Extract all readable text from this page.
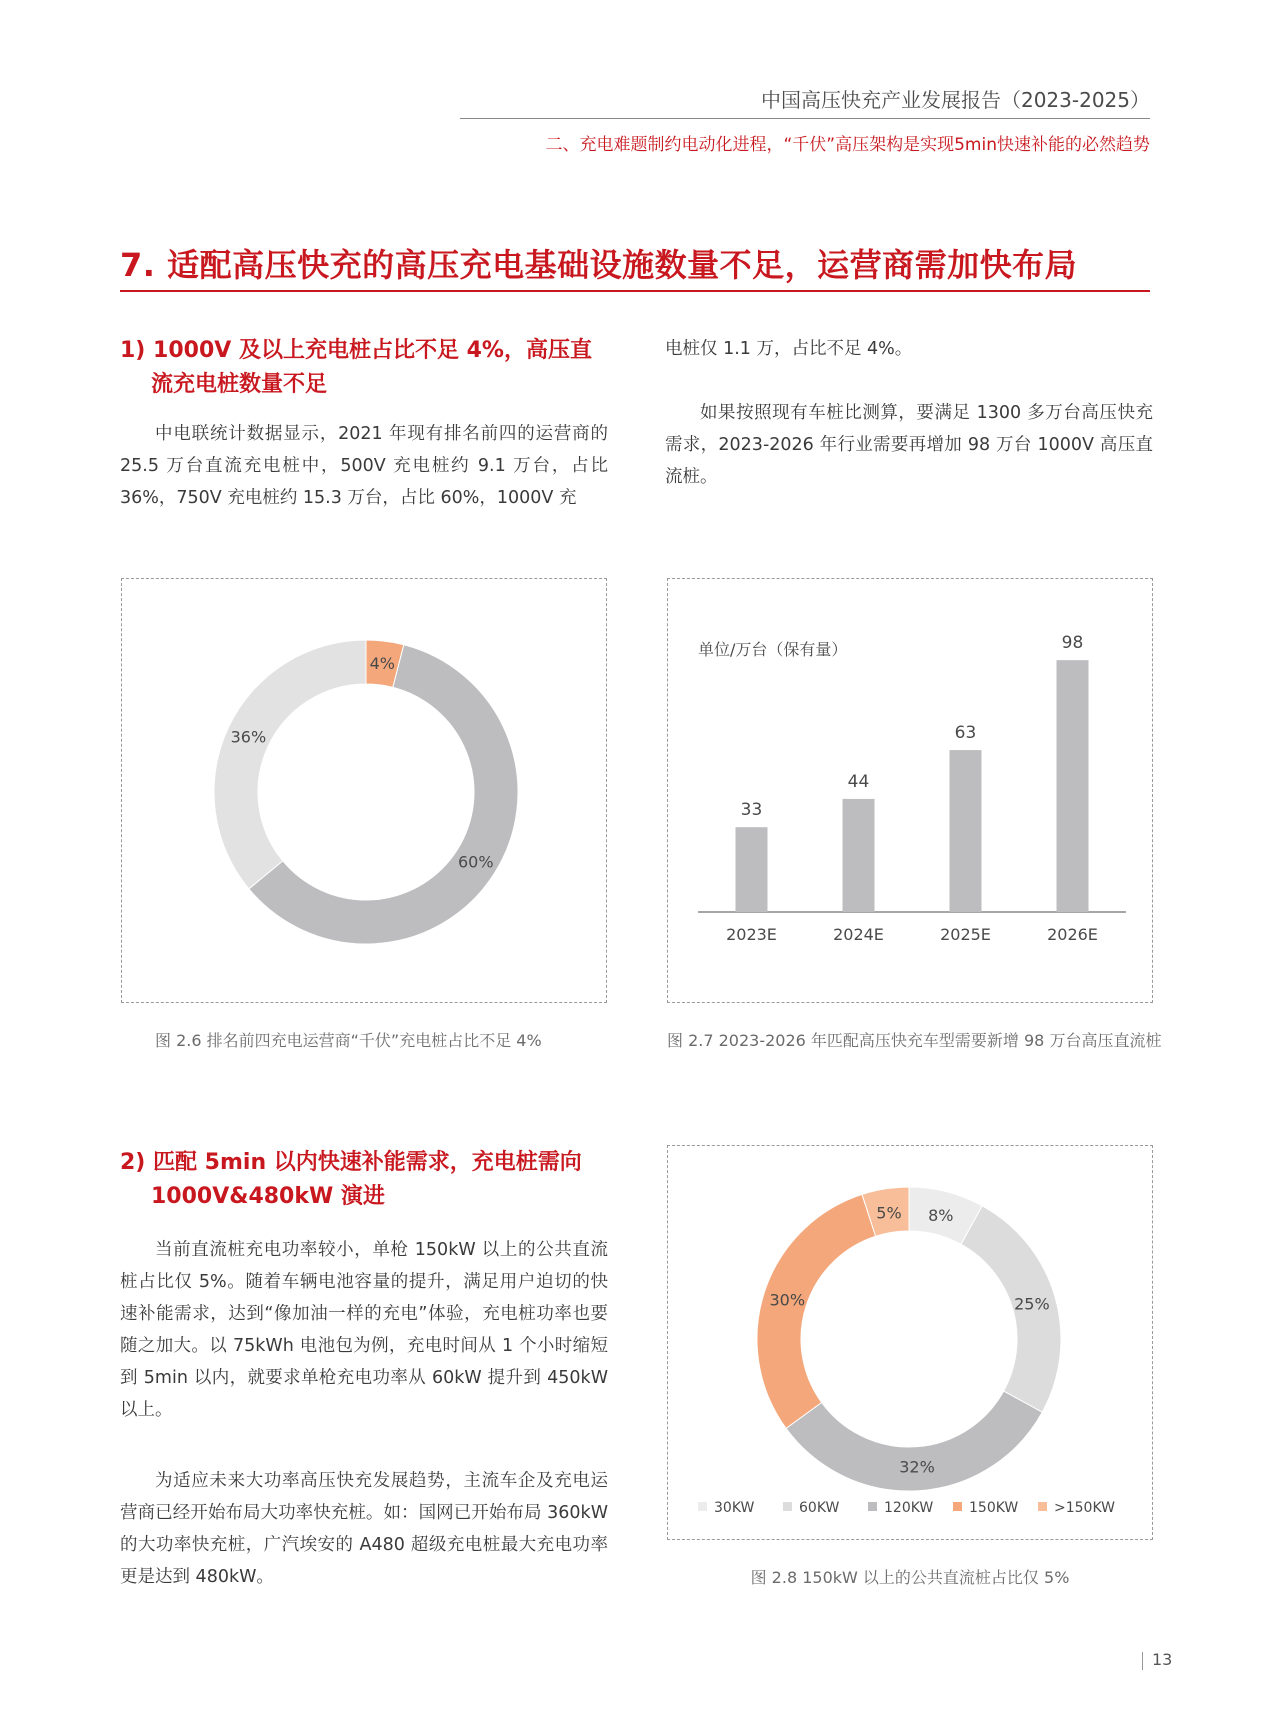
中国高压快充产业发展报告（2023-2025）
二、充电难题制约电动化进程，“千伏”高压架构是实现5min快速补能的必然趋势
7. 适配高压快充的高压充电基础设施数量不足，运营商需加快布局
1) 1000V 及以上充电桩占比不足 4%，高压直
流充电桩数量不足

中电联统计数据显示，2021 年现有排名前四的运营商的 25.5 万台直流充电桩中，500V 充电桩约 9.1 万台，占比 36%，750V 充电桩约 15.3 万台，占比 60%，1000V 充

电桩仅 1.1 万，占比不足 4%。

如果按照现有车桩比测算，要满足 1300 多万台高压快充需求，2023-2026 年行业需要再增加 98 万台 1000V 高压直流桩。

4%
60%
36%
图 2.6 排名前四充电运营商“千伏”充电桩占比不足 4%
单位/万台（保有量）
33
2023E
44
2024E
63
2025E
98
2026E
图 2.7 2023-2026 年匹配高压快充车型需要新增 98 万台高压直流桩
2) 匹配 5min 以内快速补能需求，充电桩需向
1000V&480kW 演进

当前直流桩充电功率较小，单枪 150kW 以上的公共直流桩占比仅 5%。随着车辆电池容量的提升，满足用户迫切的快速补能需求，达到“像加油一样的充电”体验，充电桩功率也要随之加大。以 75kWh 电池包为例，充电时间从 1 个小时缩短到 5min 以内，就要求单枪充电功率从 60kW 提升到 450kW以上。

为适应未来大功率高压快充发展趋势，主流车企及充电运营商已经开始布局大功率快充桩。如：国网已开始布局 360kW 的大功率快充桩，广汽埃安的 A480 超级充电桩最大充电功率更是达到 480kW。

8%
25%
32%
30%
5%
30KW	60KW	120KW	150KW	>150KW
图 2.8 150kW 以上的公共直流桩占比仅 5%
13
